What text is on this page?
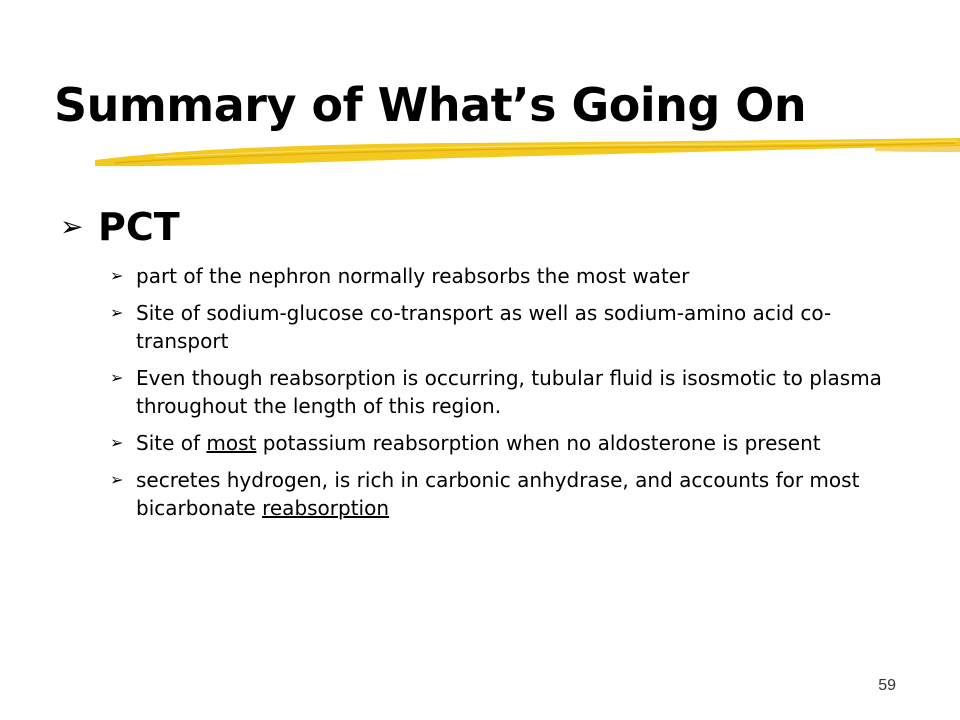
Summary of What’s Going On
➢ PCT
➢ part of the nephron normally reabsorbs the most water
➢ Site of sodium-glucose co-transport as well as sodium-amino acid co-transport
➢ Even though reabsorption is occurring, tubular fluid is isosmotic to plasma throughout the length of this region.
➢ Site of most potassium reabsorption when no aldosterone is present
➢ secretes hydrogen, is rich in carbonic anhydrase, and accounts for most bicarbonate reabsorption
59
